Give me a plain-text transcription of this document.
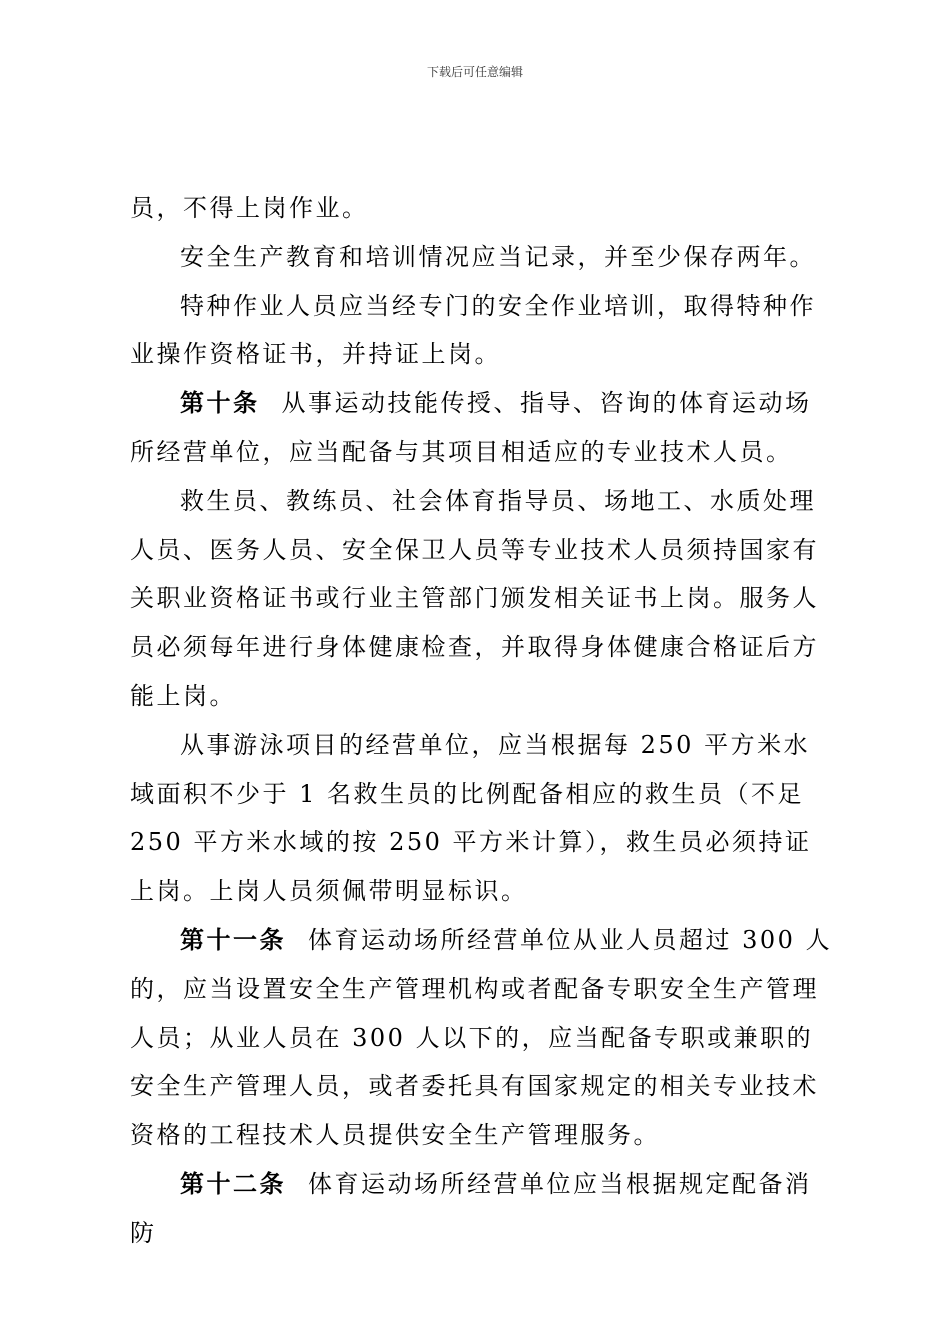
下载后可任意编辑

员，不得上岗作业。

安全生产教育和培训情况应当记录，并至少保存两年。

特种作业人员应当经专门的安全作业培训，取得特种作业操作资格证书，并持证上岗。

第十条 从事运动技能传授、指导、咨询的体育运动场所经营单位，应当配备与其项目相适应的专业技术人员。

救生员、教练员、社会体育指导员、场地工、水质处理人员、医务人员、安全保卫人员等专业技术人员须持国家有关职业资格证书或行业主管部门颁发相关证书上岗。服务人员必须每年进行身体健康检查，并取得身体健康合格证后方能上岗。

从事游泳项目的经营单位，应当根据每 250 平方米水域面积不少于 1 名救生员的比例配备相应的救生员（不足 250 平方米水域的按 250 平方米计算），救生员必须持证上岗。上岗人员须佩带明显标识。

第十一条 体育运动场所经营单位从业人员超过 300 人的，应当设置安全生产管理机构或者配备专职安全生产管理人员；从业人员在 300 人以下的，应当配备专职或兼职的安全生产管理人员，或者委托具有国家规定的相关专业技术资格的工程技术人员提供安全生产管理服务。

第十二条 体育运动场所经营单位应当根据规定配备消防
